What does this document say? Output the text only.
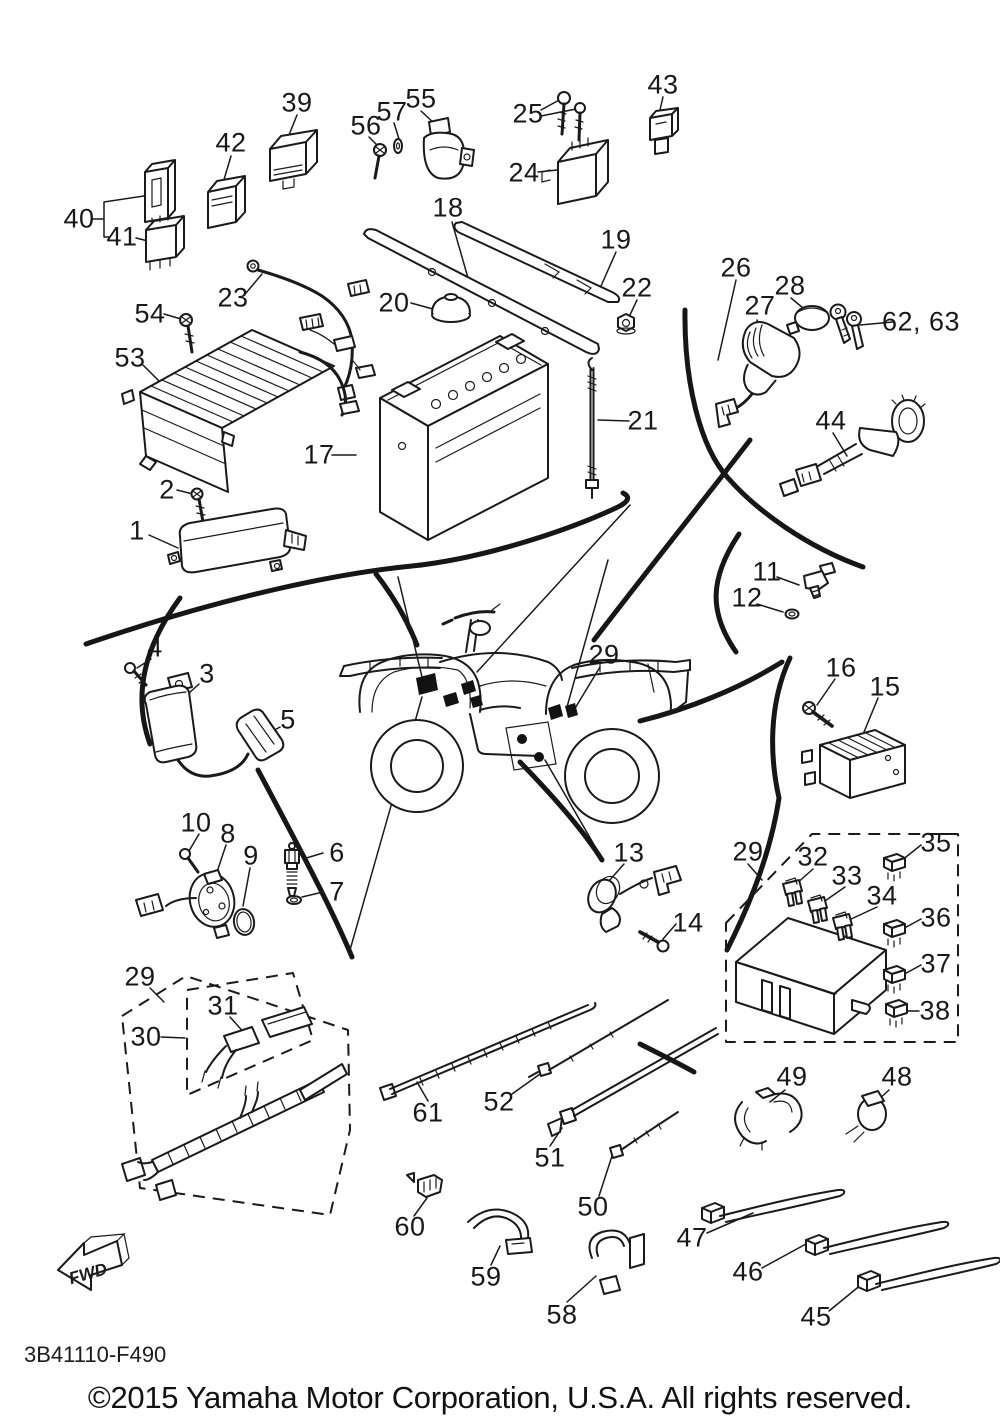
FWD
39
42
40
41
55
57
56	25
24
43
18
19
23	20	22
26
27
28
62, 63
54
53
21	44
17
2
1
11
12
4
3
5
29	16
15
10 8
9	6
7
13
14
29 32
33
34
35
36
37
38
29
30
31
61 52
51
50
60
59
58
49	48
47
46
45
3B41110-F490
©2015 Yamaha Motor Corporation, U.S.A. All rights reserved.
